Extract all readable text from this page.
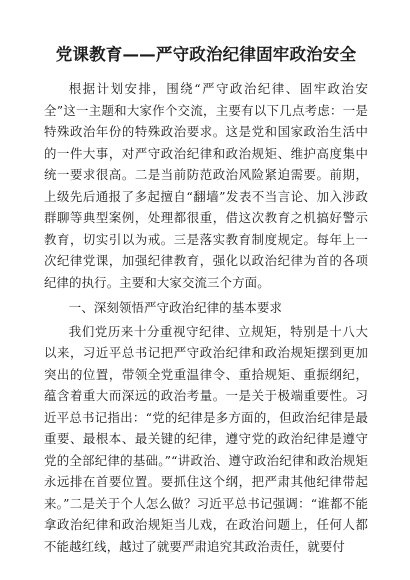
党课教育——严守政治纪律固牢政治安全

根据计划安排，围绕“严守政治纪律、固牢政治安全”这一主题和大家作个交流，主要有以下几点考虑：一是特殊政治年份的特殊政治要求。这是党和国家政治生活中的一件大事，对严守政治纪律和政治规矩、维护高度集中统一要求很高。二是当前防范政治风险紧迫需要。前期，上级先后通报了多起擅自“翻墙”发表不当言论、加入涉政群聊等典型案例，处理都很重，借这次教育之机搞好警示教育，切实引以为戒。三是落实教育制度规定。每年上一次纪律党课，加强纪律教育，强化以政治纪律为首的各项纪律的执行。主要和大家交流三个方面。

一、深刻领悟严守政治纪律的基本要求

我们党历来十分重视守纪律、立规矩，特别是十八大以来，习近平总书记把严守政治纪律和政治规矩摆到更加突出的位置，带领全党重温律令、重拾规矩、重振纲纪，蕴含着重大而深远的政治考量。一是关于极端重要性。习近平总书记指出：“党的纪律是多方面的，但政治纪律是最重要、最根本、最关键的纪律，遵守党的政治纪律是遵守党的全部纪律的基础。”“讲政治、遵守政治纪律和政治规矩永远排在首要位置。要抓住这个纲，把严肃其他纪律带起来。”二是关于个人怎么做？习近平总书记强调：“谁都不能拿政治纪律和政治规矩当儿戏，在政治问题上，任何人都不能越红线，越过了就要严肃追究其政治责任，就要付
